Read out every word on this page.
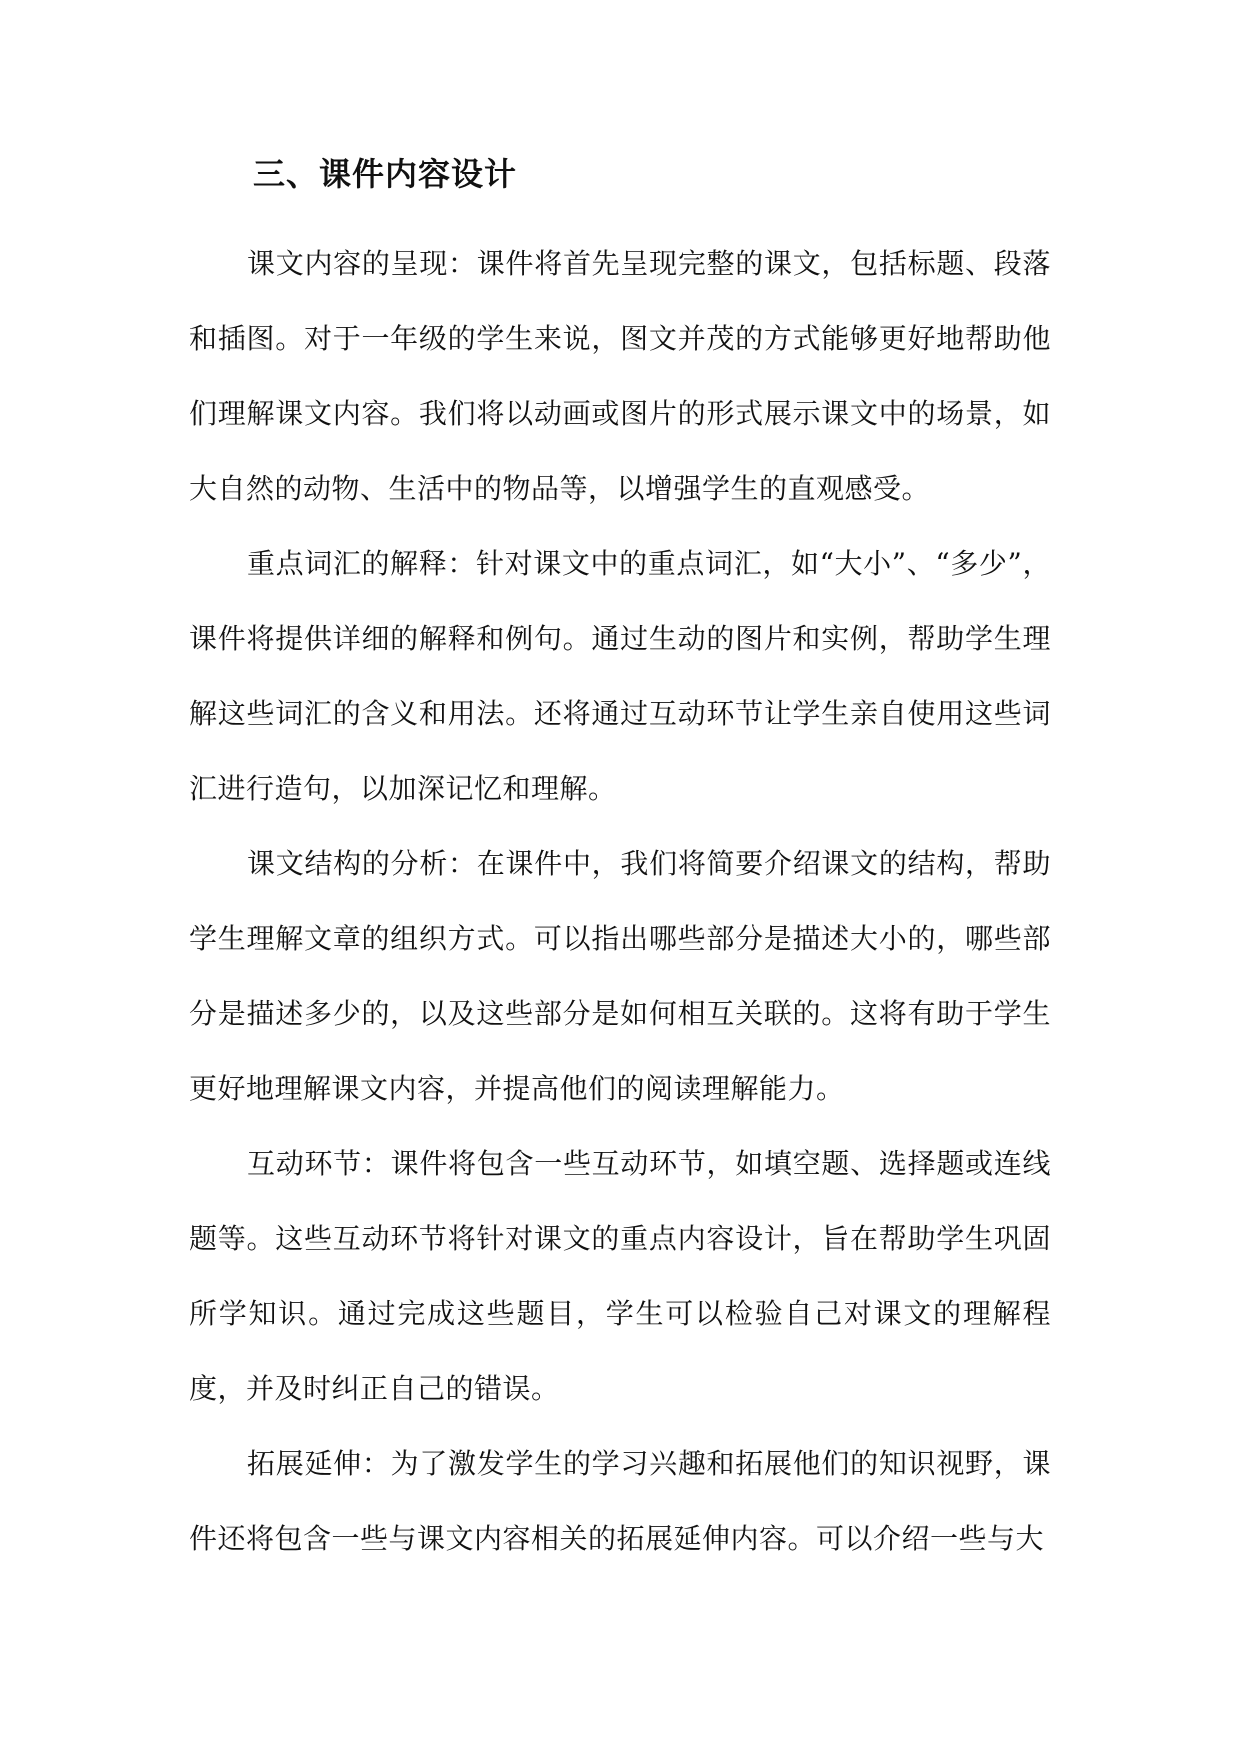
三、课件内容设计

课文内容的呈现：课件将首先呈现完整的课文，包括标题、段落和插图。对于一年级的学生来说，图文并茂的方式能够更好地帮助他们理解课文内容。我们将以动画或图片的形式展示课文中的场景，如大自然的动物、生活中的物品等，以增强学生的直观感受。

重点词汇的解释：针对课文中的重点词汇，如“大小”、“多少”，课件将提供详细的解释和例句。通过生动的图片和实例，帮助学生理解这些词汇的含义和用法。还将通过互动环节让学生亲自使用这些词汇进行造句，以加深记忆和理解。

课文结构的分析：在课件中，我们将简要介绍课文的结构，帮助学生理解文章的组织方式。可以指出哪些部分是描述大小的，哪些部分是描述多少的，以及这些部分是如何相互关联的。这将有助于学生更好地理解课文内容，并提高他们的阅读理解能力。

互动环节：课件将包含一些互动环节，如填空题、选择题或连线题等。这些互动环节将针对课文的重点内容设计，旨在帮助学生巩固所学知识。通过完成这些题目，学生可以检验自己对课文的理解程度，并及时纠正自己的错误。

拓展延伸：为了激发学生的学习兴趣和拓展他们的知识视野，课件还将包含一些与课文内容相关的拓展延伸内容。可以介绍一些与大
